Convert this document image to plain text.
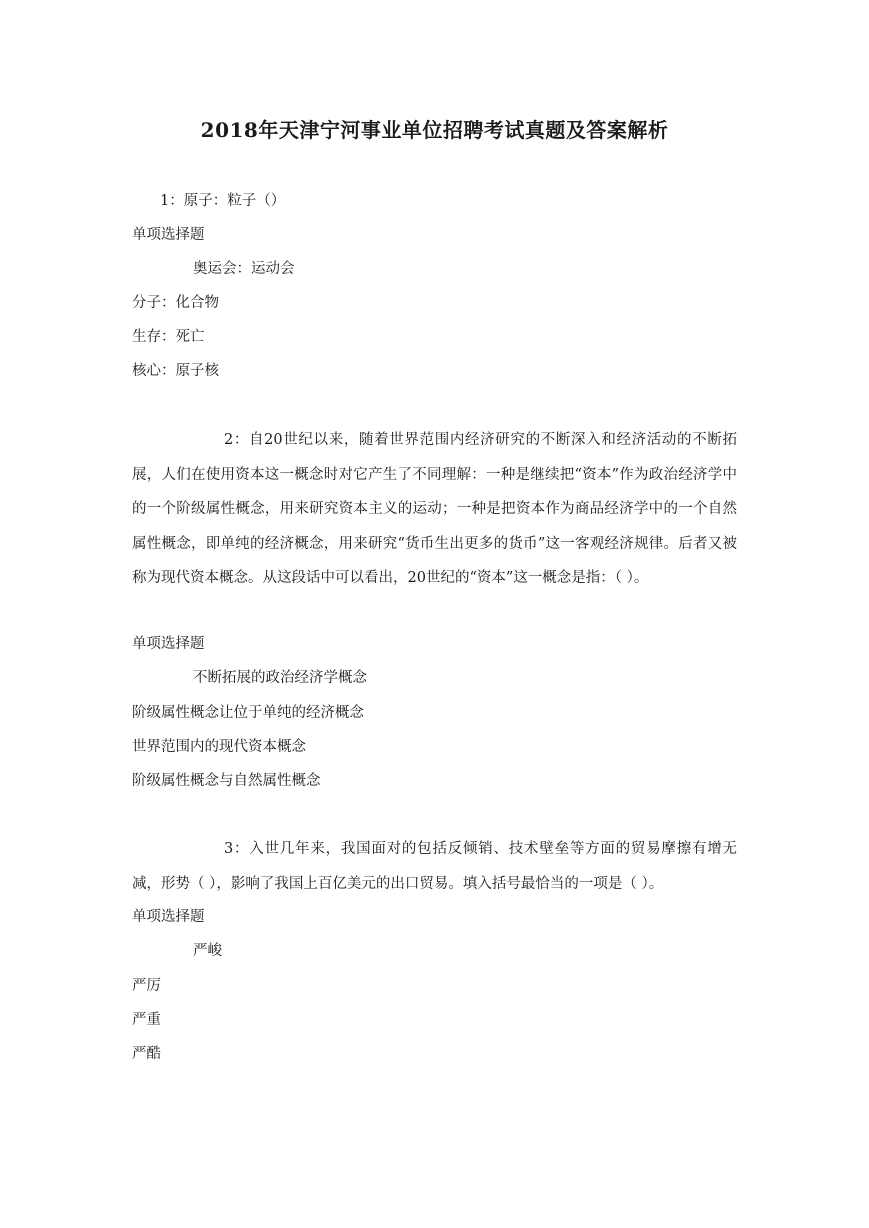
2018年天津宁河事业单位招聘考试真题及答案解析
1：原子：粒子（）
单项选择题
奥运会：运动会
分子：化合物
生存：死亡
核心：原子核
2：自20世纪以来，随着世界范围内经济研究的不断深入和经济活动的不断拓展，人们在使用资本这一概念时对它产生了不同理解：一种是继续把“资本”作为政治经济学中的一个阶级属性概念，用来研究资本主义的运动；一种是把资本作为商品经济学中的一个自然属性概念，即单纯的经济概念，用来研究“货币生出更多的货币”这一客观经济规律。后者又被称为现代资本概念。从这段话中可以看出，20世纪的“资本”这一概念是指：（ ）。
单项选择题
不断拓展的政治经济学概念
阶级属性概念让位于单纯的经济概念
世界范围内的现代资本概念
阶级属性概念与自然属性概念
3：入世几年来，我国面对的包括反倾销、技术壁垒等方面的贸易摩擦有增无减，形势（ ），影响了我国上百亿美元的出口贸易。填入括号最恰当的一项是（ ）。
单项选择题
严峻
严厉
严重
严酷
